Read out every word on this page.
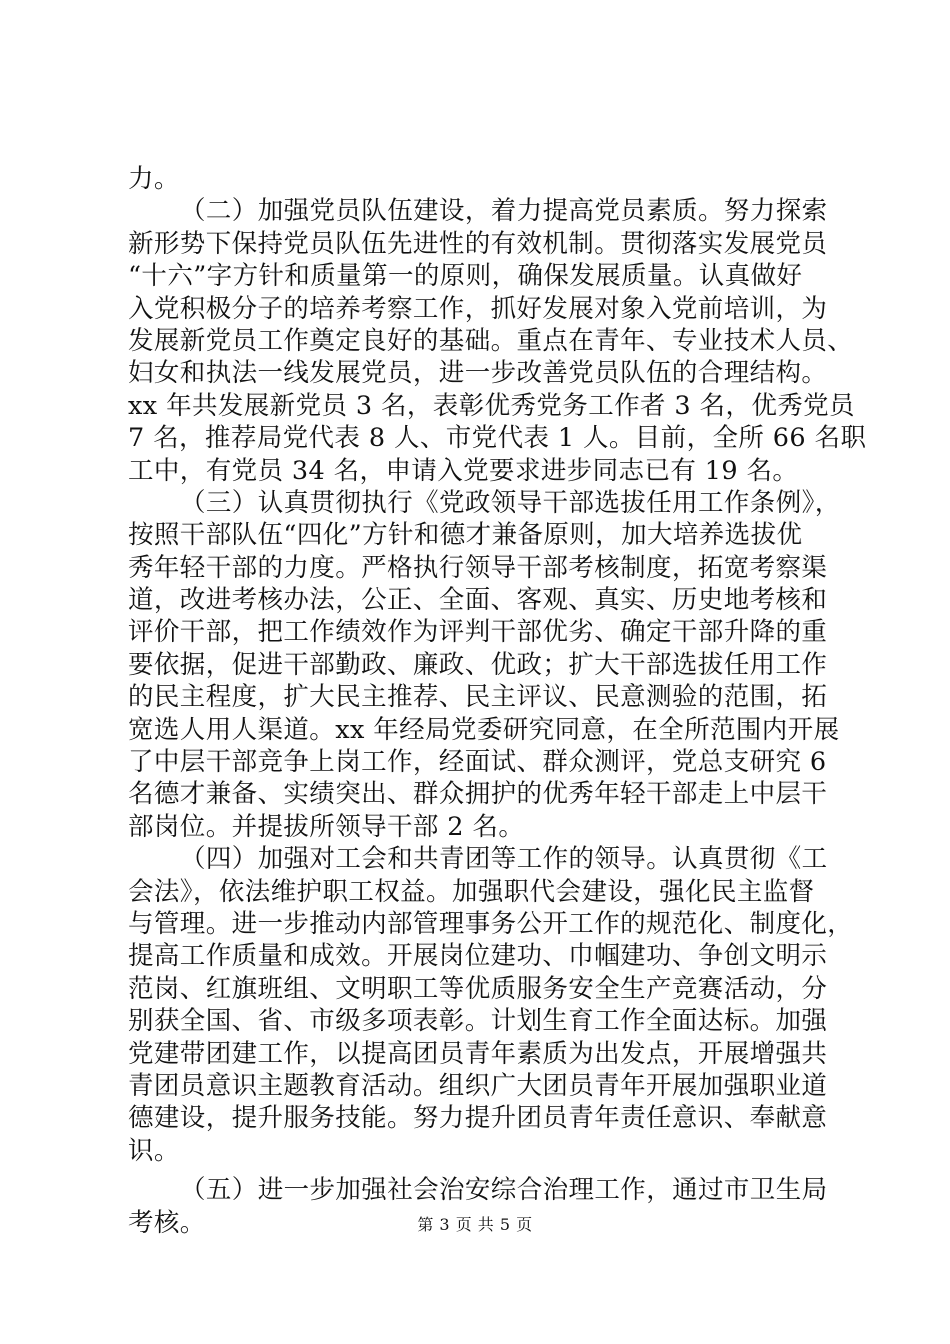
力。
（二）加强党员队伍建设，着力提高党员素质。努力探索
新形势下保持党员队伍先进性的有效机制。贯彻落实发展党员
“十六”字方针和质量第一的原则，确保发展质量。认真做好
入党积极分子的培养考察工作，抓好发展对象入党前培训，为
发展新党员工作奠定良好的基础。重点在青年、专业技术人员、
妇女和执法一线发展党员，进一步改善党员队伍的合理结构。
xx 年共发展新党员 3 名，表彰优秀党务工作者 3 名，优秀党员
7 名，推荐局党代表 8 人、市党代表 1 人。目前，全所 66 名职
工中，有党员 34 名，申请入党要求进步同志已有 19 名。
（三）认真贯彻执行《党政领导干部选拔任用工作条例》，
按照干部队伍“四化”方针和德才兼备原则，加大培养选拔优
秀年轻干部的力度。严格执行领导干部考核制度，拓宽考察渠
道，改进考核办法，公正、全面、客观、真实、历史地考核和
评价干部，把工作绩效作为评判干部优劣、确定干部升降的重
要依据，促进干部勤政、廉政、优政；扩大干部选拔任用工作
的民主程度，扩大民主推荐、民主评议、民意测验的范围，拓
宽选人用人渠道。xx 年经局党委研究同意，在全所范围内开展
了中层干部竞争上岗工作，经面试、群众测评，党总支研究 6
名德才兼备、实绩突出、群众拥护的优秀年轻干部走上中层干
部岗位。并提拔所领导干部 2 名。
（四）加强对工会和共青团等工作的领导。认真贯彻《工
会法》，依法维护职工权益。加强职代会建设，强化民主监督
与管理。进一步推动内部管理事务公开工作的规范化、制度化，
提高工作质量和成效。开展岗位建功、巾帼建功、争创文明示
范岗、红旗班组、文明职工等优质服务安全生产竞赛活动，分
别获全国、省、市级多项表彰。计划生育工作全面达标。加强
党建带团建工作，以提高团员青年素质为出发点，开展增强共
青团员意识主题教育活动。组织广大团员青年开展加强职业道
德建设，提升服务技能。努力提升团员青年责任意识、奉献意
识。
（五）进一步加强社会治安综合治理工作，通过市卫生局
考核。	第 3 页 共 5 页
